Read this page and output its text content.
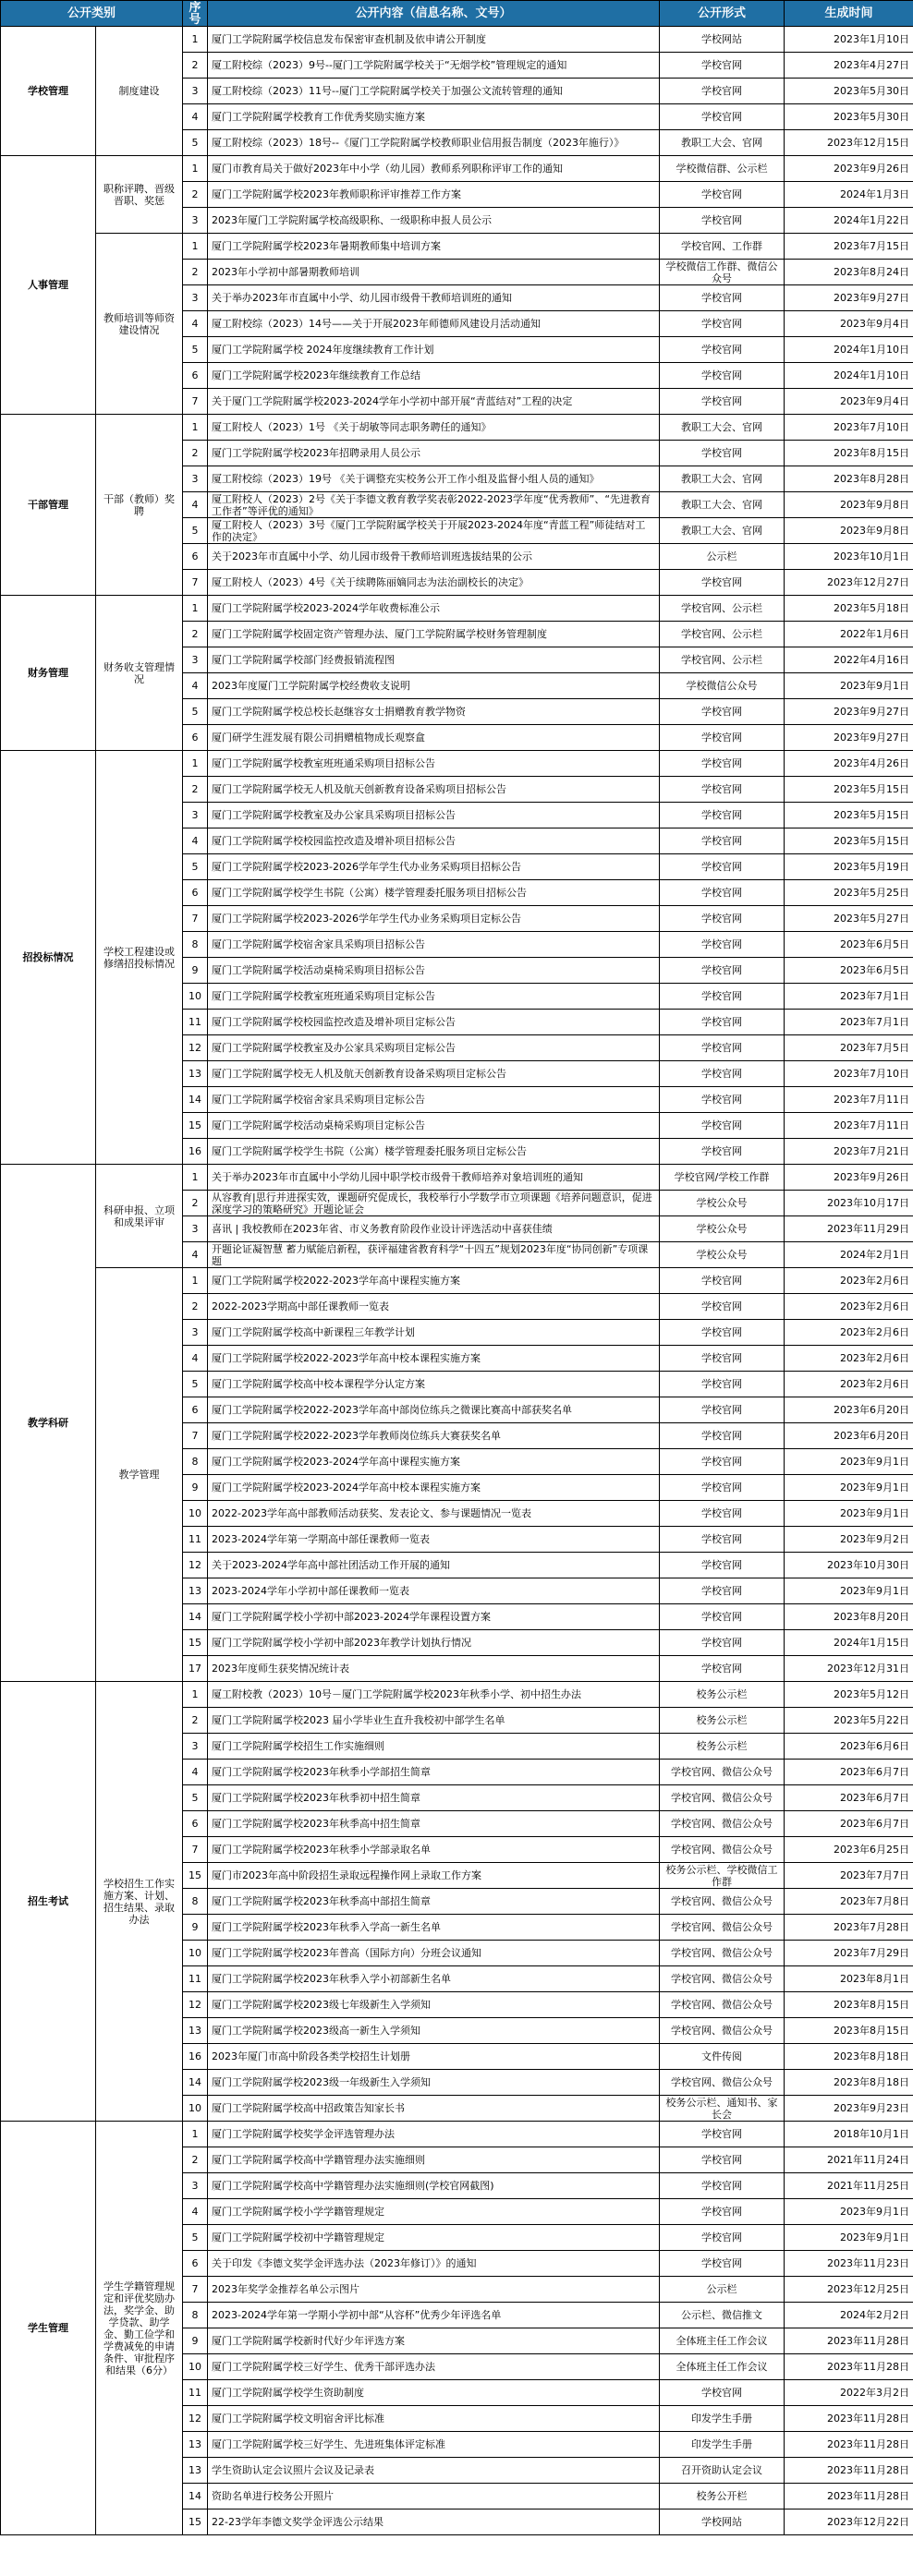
公开类别		序号	公开内容（信息名称、文号）	公开形式	生成时间
学校管理	制度建设	1	厦门工学院附属学校信息发布保密审查机制及依申请公开制度	学校网站	2023年1月10日
		2	厦工附校综（2023）9号--厦门工学院附属学校关于“无烟学校”管理规定的通知	学校官网	2023年4月27日
		3	厦工附校综（2023）11号--厦门工学院附属学校关于加强公文流转管理的通知	学校官网	2023年5月30日
		4	厦门工学院附属学校教育工作优秀奖励实施方案	学校官网	2023年5月30日
		5	厦工附校综（2023）18号--《厦门工学院附属学校教师职业信用报告制度（2023年施行）》	教职工大会、官网	2023年12月15日
人事管理	职称评聘、晋级晋职、奖惩	1	厦门市教育局关于做好2023年中小学（幼儿园）教师系列职称评审工作的通知	学校微信群、公示栏	2023年9月26日
		2	厦门工学院附属学校2023年教师职称评审推荐工作方案	学校官网	2024年1月3日
		3	2023年厦门工学院附属学校高级职称、一级职称申报人员公示	学校官网	2024年1月22日
	教师培训等师资建设情况	1	厦门工学院附属学校2023年暑期教师集中培训方案	学校官网、工作群	2023年7月15日
		2	2023年小学初中部暑期教师培训	学校微信工作群、微信公众号	2023年8月24日
		3	关于举办2023年市直属中小学、幼儿园市级骨干教师培训班的通知	学校官网	2023年9月27日
		4	厦工附校综（2023）14号——关于开展2023年师德师风建设月活动通知	学校官网	2023年9月4日
		5	厦门工学院附属学校 2024年度继续教育工作计划	学校官网	2024年1月10日
		6	厦门工学院附属学校2023年继续教育工作总结	学校官网	2024年1月10日
		7	关于厦门工学院附属学校2023-2024学年小学初中部开展“青蓝结对”工程的决定	学校官网	2023年9月4日
干部管理	干部（教师）奖聘	1	厦工附校人（2023）1号 《关于胡敏等同志职务聘任的通知》	教职工大会、官网	2023年7月10日
		2	厦门工学院附属学校2023年招聘录用人员公示	学校官网	2023年8月15日
		3	厦工附校综（2023）19号 《关于调整充实校务公开工作小组及监督小组人员的通知》	教职工大会、官网	2023年8月28日
		4	厦工附校人（2023）2号《关于李德文教育教学奖表彰2022-2023学年度“优秀教师”、“先进教育工作者”等评优的通知》	教职工大会、官网	2023年9月8日
		5	厦工附校人（2023）3号《厦门工学院附属学校关于开展2023-2024年度“青蓝工程”师徒结对工作的决定》	教职工大会、官网	2023年9月8日
		6	关于2023年市直属中小学、幼儿园市级骨干教师培训班选拔结果的公示	公示栏	2023年10月1日
		7	厦工附校人（2023）4号《关于续聘陈丽嫡同志为法治副校长的决定》	学校官网	2023年12月27日
财务管理	财务收支管理情况	1	厦门工学院附属学校2023-2024学年收费标准公示	学校官网、公示栏	2023年5月18日
		2	厦门工学院附属学校固定资产管理办法、厦门工学院附属学校财务管理制度	学校官网、公示栏	2022年1月6日
		3	厦门工学院附属学校部门经费报销流程图	学校官网、公示栏	2022年4月16日
		4	2023年度厦门工学院附属学校经费收支说明	学校微信公众号	2023年9月1日
		5	厦门工学院附属学校总校长赵继容女士捐赠教育教学物资	学校官网	2023年9月27日
		6	厦门研学生涯发展有限公司捐赠植物成长观察盒	学校官网	2023年9月27日
招投标情况	学校工程建设或修缮招投标情况	1	厦门工学院附属学校教室班班通采购项目招标公告	学校官网	2023年4月26日
		2	厦门工学院附属学校无人机及航天创新教育设备采购项目招标公告	学校官网	2023年5月15日
		3	厦门工学院附属学校教室及办公家具采购项目招标公告	学校官网	2023年5月15日
		4	厦门工学院附属学校校园监控改造及增补项目招标公告	学校官网	2023年5月15日
		5	厦门工学院附属学校2023-2026学年学生代办业务采购项目招标公告	学校官网	2023年5月19日
		6	厦门工学院附属学校学生书院（公寓）楼学管理委托服务项目招标公告	学校官网	2023年5月25日
		7	厦门工学院附属学校2023-2026学年学生代办业务采购项目定标公告	学校官网	2023年5月27日
		8	厦门工学院附属学校宿舍家具采购项目招标公告	学校官网	2023年6月5日
		9	厦门工学院附属学校活动桌椅采购项目招标公告	学校官网	2023年6月5日
		10	厦门工学院附属学校教室班班通采购项目定标公告	学校官网	2023年7月1日
		11	厦门工学院附属学校校园监控改造及增补项目定标公告	学校官网	2023年7月1日
		12	厦门工学院附属学校教室及办公家具采购项目定标公告	学校官网	2023年7月5日
		13	厦门工学院附属学校无人机及航天创新教育设备采购项目定标公告	学校官网	2023年7月10日
		14	厦门工学院附属学校宿舍家具采购项目定标公告	学校官网	2023年7月11日
		15	厦门工学院附属学校活动桌椅采购项目定标公告	学校官网	2023年7月11日
		16	厦门工学院附属学校学生书院（公寓）楼学管理委托服务项目定标公告	学校官网	2023年7月21日
教学科研	科研申报、立项和成果评审	1	关于举办2023年市直属中小学幼儿园中职学校市级骨干教师培养对象培训班的通知	学校官网/学校工作群	2023年9月26日
		2	从容教育|思行并进探实效，课题研究促成长，我校举行小学数学市立项课题《培养问题意识，促进深度学习的策略研究》开题论证会	学校公众号	2023年10月17日
		3	喜讯 | 我校教师在2023年省、市义务教育阶段作业设计评选活动中喜获佳绩	学校公众号	2023年11月29日
		4	开题论证凝智慧 蓄力赋能启新程，获评福建省教育科学“十四五”规划2023年度“协同创新”专项课题	学校公众号	2024年2月1日
	教学管理	1	厦门工学院附属学校2022-2023学年高中课程实施方案	学校官网	2023年2月6日
		2	2022-2023学期高中部任课教师一览表	学校官网	2023年2月6日
		3	厦门工学院附属学校高中新课程三年教学计划	学校官网	2023年2月6日
		4	厦门工学院附属学校2022-2023学年高中校本课程实施方案	学校官网	2023年2月6日
		5	厦门工学院附属学校高中校本课程学分认定方案	学校官网	2023年2月6日
		6	厦门工学院附属学校2022-2023学年高中部岗位练兵之微课比赛高中部获奖名单	学校官网	2023年6月20日
		7	厦门工学院附属学校2022-2023学年教师岗位练兵大赛获奖名单	学校官网	2023年6月20日
		8	厦门工学院附属学校2023-2024学年高中课程实施方案	学校官网	2023年9月1日
		9	厦门工学院附属学校2023-2024学年高中校本课程实施方案	学校官网	2023年9月1日
		10	2022-2023学年高中部教师活动获奖、发表论文、参与课题情况一览表	学校官网	2023年9月1日
		11	2023-2024学年第一学期高中部任课教师一览表	学校官网	2023年9月2日
		12	关于2023-2024学年高中部社团活动工作开展的通知	学校官网	2023年10月30日
		13	2023-2024学年小学初中部任课教师一览表	学校官网	2023年9月1日
		14	厦门工学院附属学校小学初中部2023-2024学年课程设置方案	学校官网	2023年8月20日
		15	厦门工学院附属学校小学初中部2023年教学计划执行情况	学校官网	2024年1月15日
		17	2023年度师生获奖情况统计表	学校官网	2023年12月31日
招生考试	学校招生工作实施方案、计划、招生结果、录取办法	1	厦工附校教（2023）10号－厦门工学院附属学校2023年秋季小学、初中招生办法	校务公示栏	2023年5月12日
		2	厦门工学院附属学校2023 届小学毕业生直升我校初中部学生名单	校务公示栏	2023年5月22日
		3	厦门工学院附属学校招生工作实施细则	校务公示栏	2023年6月6日
		4	厦门工学院附属学校2023年秋季小学部招生简章	学校官网、微信公众号	2023年6月7日
		5	厦门工学院附属学校2023年秋季初中招生简章	学校官网、微信公众号	2023年6月7日
		6	厦门工学院附属学校2023年秋季高中招生简章	学校官网、微信公众号	2023年6月7日
		7	厦门工学院附属学校2023年秋季小学部录取名单	学校官网、微信公众号	2023年6月25日
		15	厦门市2023年高中阶段招生录取远程操作网上录取工作方案	校务公示栏、学校微信工作群	2023年7月7日
		8	厦门工学院附属学校2023年秋季高中部招生简章	学校官网、微信公众号	2023年7月8日
		9	厦门工学院附属学校2023年秋季入学高一新生名单	学校官网、微信公众号	2023年7月28日
		10	厦门工学院附属学校2023年普高（国际方向）分班会议通知	学校官网、微信公众号	2023年7月29日
		11	厦门工学院附属学校2023年秋季入学小初部新生名单	学校官网、微信公众号	2023年8月1日
		12	厦门工学院附属学校2023级七年级新生入学须知	学校官网、微信公众号	2023年8月15日
		13	厦门工学院附属学校2023级高一新生入学须知	学校官网、微信公众号	2023年8月15日
		16	2023年厦门市高中阶段各类学校招生计划册	文件传阅	2023年8月18日
		14	厦门工学院附属学校2023级一年级新生入学须知	学校官网、微信公众号	2023年8月18日
		10	厦门工学院附属学校高中招政策告知家长书	校务公示栏、通知书、家长会	2023年9月23日
学生管理	学生学籍管理规定和评优奖励办法，奖学金、助学贷款、助学金、勤工俭学和学费减免的申请条件、审批程序和结果（6分）	1	厦门工学院附属学校奖学金评选管理办法	学校官网	2018年10月1日
		2	厦门工学院附属学校高中学籍管理办法实施细则	学校官网	2021年11月24日
		3	厦门工学院附属学校高中学籍管理办法实施细则(学校官网截图)	学校官网	2021年11月25日
		4	厦门工学院附属学校小学学籍管理规定	学校官网	2023年9月1日
		5	厦门工学院附属学校初中学籍管理规定	学校官网	2023年9月1日
		6	关于印发《李德文奖学金评选办法（2023年修订）》的通知	学校官网	2023年11月23日
		7	2023年奖学金推荐名单公示图片	公示栏	2023年12月25日
		8	2023-2024学年第一学期小学初中部“从容杯”优秀少年评选名单	公示栏、微信推文	2024年2月2日
		9	厦门工学院附属学校新时代好少年评选方案	全体班主任工作会议	2023年11月28日
		10	厦门工学院附属学校三好学生、优秀干部评选办法	全体班主任工作会议	2023年11月28日
		11	厦门工学院附属学校学生资助制度	学校官网	2022年3月2日
		12	厦门工学院附属学校文明宿舍评比标准	印发学生手册	2023年11月28日
		13	厦门工学院附属学校三好学生、先进班集体评定标准	印发学生手册	2023年11月28日
		13	学生资助认定会议照片会议及记录表	召开资助认定会议	2023年11月28日
		14	资助名单进行校务公开照片	校务公开栏	2023年11月28日
		15	22-23学年李德文奖学金评选公示结果	学校网站	2023年12月22日
